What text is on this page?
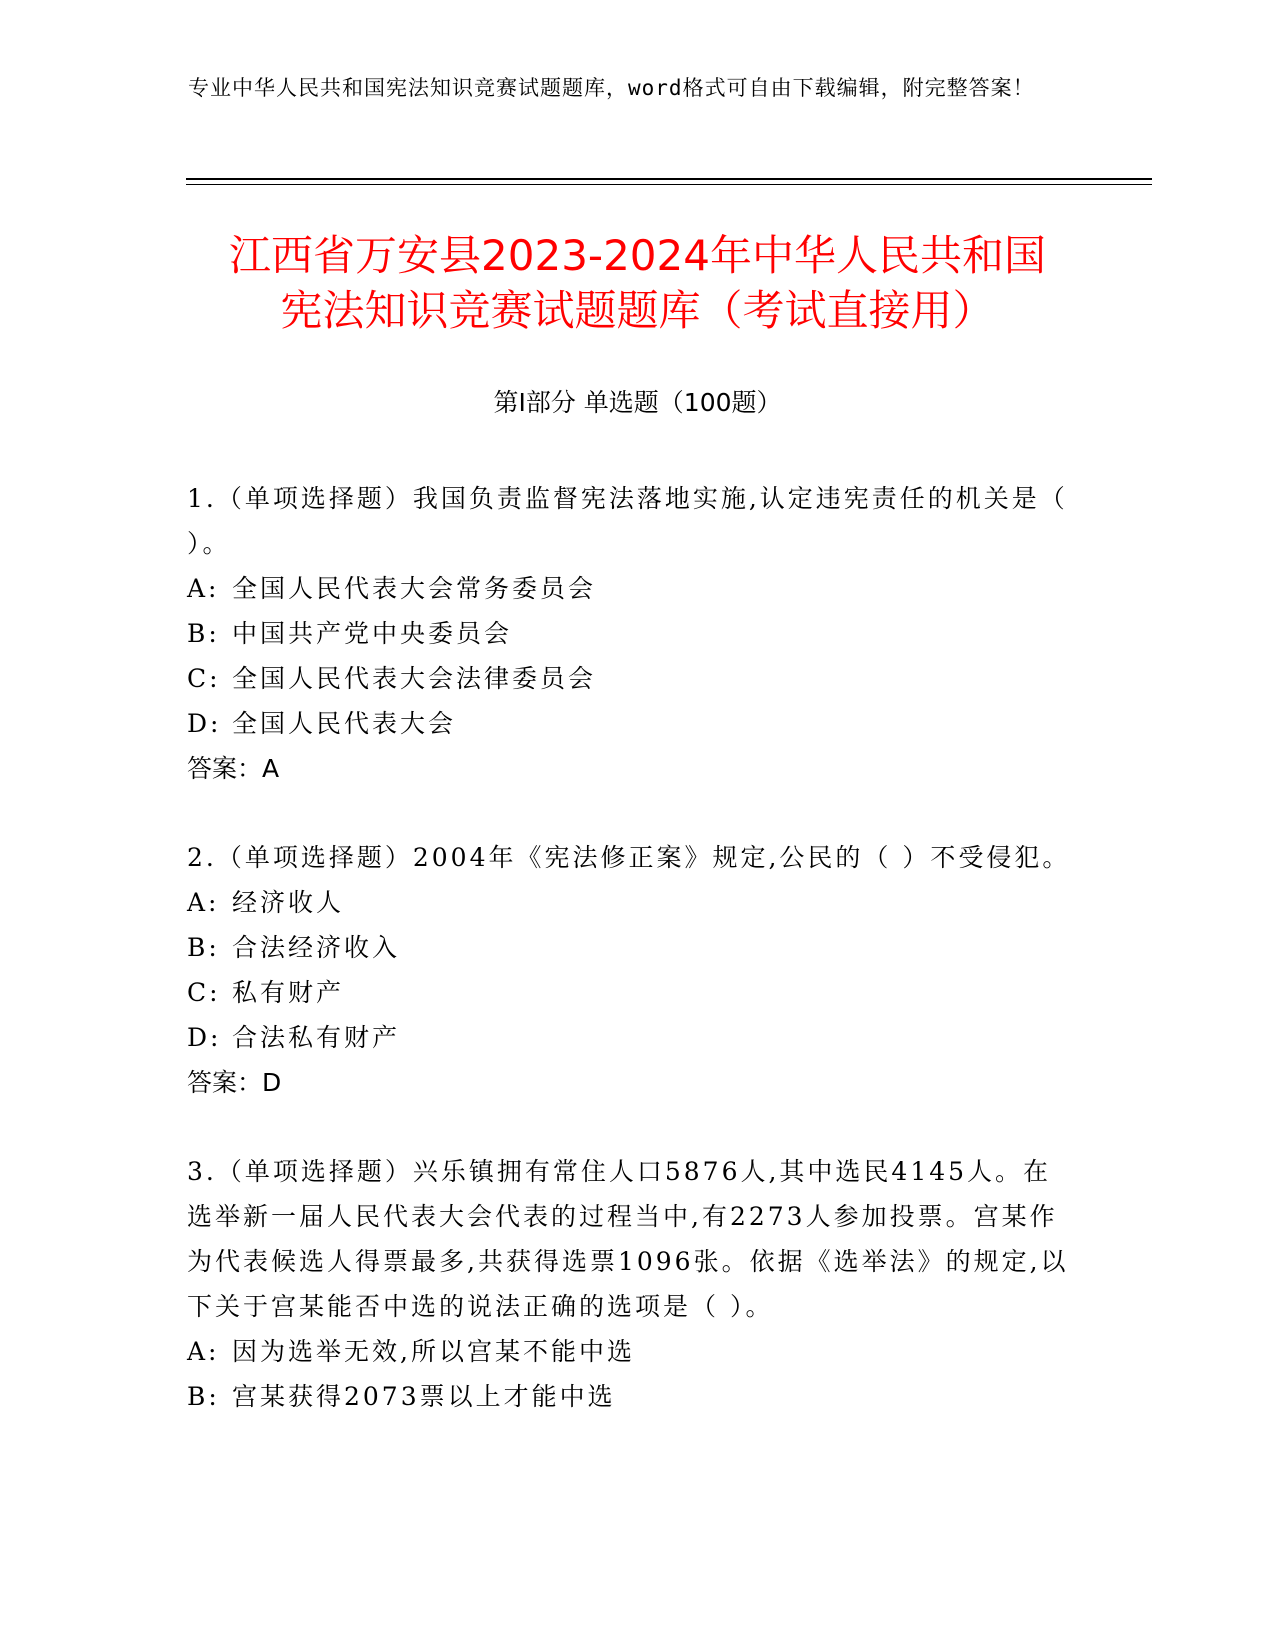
专业中华人民共和国宪法知识竞赛试题题库，word格式可自由下载编辑，附完整答案！
江西省万安县2023-2024年中华人民共和国
宪法知识竞赛试题题库（考试直接用）
第Ⅰ部分 单选题（100题）

1.（单项选择题）我国负责监督宪法落地实施,认定违宪责任的机关是（ ）。

A: 全国人民代表大会常务委员会

B: 中国共产党中央委员会

C: 全国人民代表大会法律委员会

D: 全国人民代表大会

答案：A

2.（单项选择题）2004年《宪法修正案》规定,公民的（ ）不受侵犯。

A: 经济收人

B: 合法经济收入

C: 私有财产

D: 合法私有财产

答案：D

3.（单项选择题）兴乐镇拥有常住人口5876人,其中选民4145人。在选举新一届人民代表大会代表的过程当中,有2273人参加投票。宫某作为代表候选人得票最多,共获得选票1096张。依据《选举法》的规定,以下关于宫某能否中选的说法正确的选项是（ ）。

A: 因为选举无效,所以宫某不能中选

B: 宫某获得2073票以上才能中选
